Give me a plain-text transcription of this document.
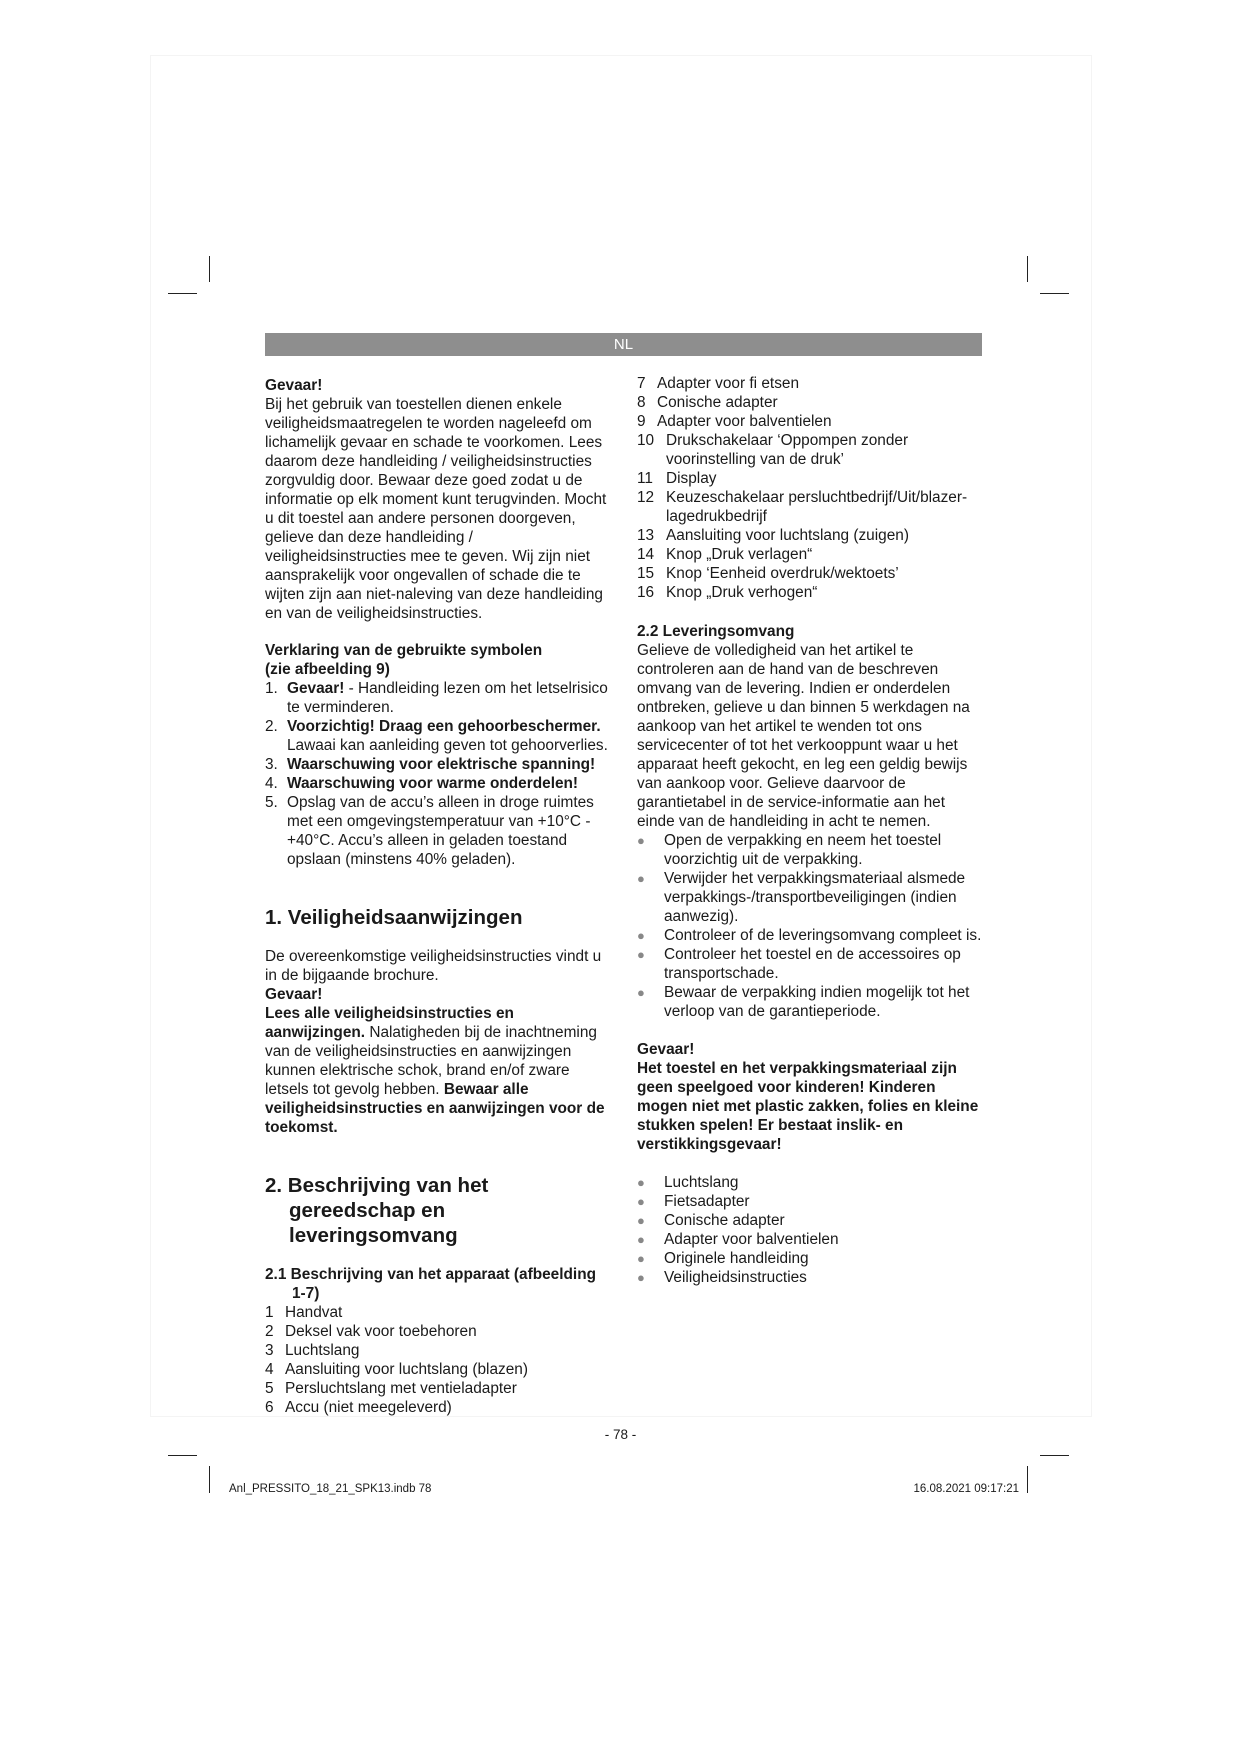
NL

Gevaar!

Bij het gebruik van toestellen dienen enkele veiligheidsmaatregelen te worden nageleefd om lichamelijk gevaar en schade te voorkomen. Lees daarom deze handleiding / veiligheidsinstructies zorgvuldig door. Bewaar deze goed zodat u de informatie op elk moment kunt terugvinden. Mocht u dit toestel aan andere personen doorgeven, gelieve dan deze handleiding / veiligheidsinstructies mee te geven. Wij zijn niet aansprakelijk voor ongevallen of schade die te wijten zijn aan niet-naleving van deze handleiding en van de veiligheidsinstructies.

Verklaring van de gebruikte symbolen
(zie afbeelding 9)

1. Gevaar! - Handleiding lezen om het letselrisico te verminderen.
2. Voorzichtig! Draag een gehoorbeschermer. Lawaai kan aanleiding geven tot gehoorverlies.
3. Waarschuwing voor elektrische spanning!
4. Waarschuwing voor warme onderdelen!
5. Opslag van de accu’s alleen in droge ruimtes met een omgevingstemperatuur van +10°C - +40°C. Accu’s alleen in geladen toestand opslaan (minstens 40% geladen).

1. Veiligheidsaanwijzingen

De overeenkomstige veiligheidsinstructies vindt u in de bijgaande brochure.

Gevaar!

Lees alle veiligheidsinstructies en aanwijzingen. Nalatigheden bij de inachtneming van de veiligheidsinstructies en aanwijzingen kunnen elektrische schok, brand en/of zware letsels tot gevolg hebben. Bewaar alle veiligheidsinstructies en aanwijzingen voor de toekomst.

2. Beschrijving van het gereedschap en leveringsomvang

2.1 Beschrijving van het apparaat (afbeelding 1-7)

1 Handvat
2 Deksel vak voor toebehoren
3 Luchtslang
4 Aansluiting voor luchtslang (blazen)
5 Persluchtslang met ventieladapter
6 Accu (niet meegeleverd)
7 Adapter voor fi etsen
8 Conische adapter
9 Adapter voor balventielen
10 Drukschakelaar ‘Oppompen zonder voorinstelling van de druk’
11 Display
12 Keuzeschakelaar persluchtbedrijf/Uit/blazer-lagedrukbedrijf
13 Aansluiting voor luchtslang (zuigen)
14 Knop „Druk verlagen“
15 Knop ‘Eenheid overdruk/wektoets’
16 Knop „Druk verhogen“

2.2 Leveringsomvang

Gelieve de volledigheid van het artikel te controleren aan de hand van de beschreven omvang van de levering. Indien er onderdelen ontbreken, gelieve u dan binnen 5 werkdagen na aankoop van het artikel te wenden tot ons servicecenter of tot het verkooppunt waar u het apparaat heeft gekocht, en leg een geldig bewijs van aankoop voor. Gelieve daarvoor de garantietabel in de service-informatie aan het einde van de handleiding in acht te nemen.

● Open de verpakking en neem het toestel voorzichtig uit de verpakking.
● Verwijder het verpakkingsmateriaal alsmede verpakkings-/transportbeveiligingen (indien aanwezig).
● Controleer of de leveringsomvang compleet is.
● Controleer het toestel en de accessoires op transportschade.
● Bewaar de verpakking indien mogelijk tot het verloop van de garantieperiode.

Gevaar!

Het toestel en het verpakkingsmateriaal zijn geen speelgoed voor kinderen! Kinderen mogen niet met plastic zakken, folies en kleine stukken spelen! Er bestaat inslik- en verstikkingsgevaar!

● Luchtslang
● Fietsadapter
● Conische adapter
● Adapter voor balventielen
● Originele handleiding
● Veiligheidsinstructies
- 78 -
Anl_PRESSITO_18_21_SPK13.indb 78	16.08.2021 09:17:21
